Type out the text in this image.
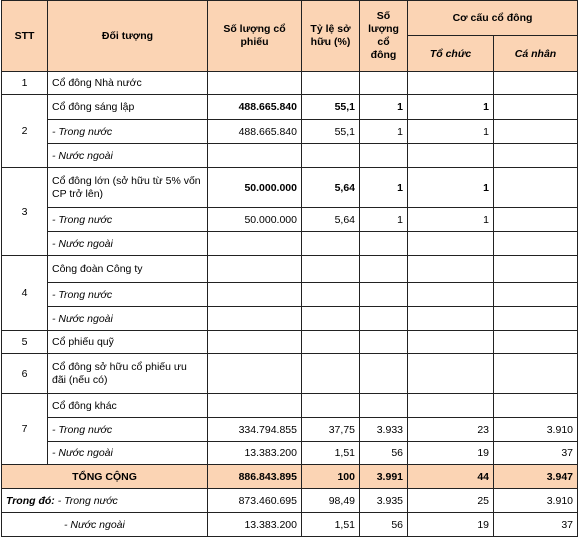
STT	Đối tượng	Số lượng cổ phiếu	Tỷ lệ sở hữu (%)	Số lượng cổ đông	Cơ cấu cổ đông	
					Tổ chức	Cá nhân
1	Cổ đông Nhà nước					
2	Cổ đông sáng lập	488.665.840	55,1	1	1	
	- Trong nước	488.665.840	55,1	1	1	
	- Nước ngoài					
3	Cổ đông lớn (sở hữu từ 5% vốn CP trở lên)	50.000.000	5,64	1	1	
	- Trong nước	50.000.000	5,64	1	1	
	- Nước ngoài					
4	Công đoàn Công ty					
	- Trong nước					
	- Nước ngoài					
5	Cổ phiếu quỹ					
6	Cổ đông sở hữu cổ phiếu ưu đãi (nếu có)					
7	Cổ đông khác					
	- Trong nước	334.794.855	37,75	3.933	23	3.910
	- Nước ngoài	13.383.200	1,51	56	19	37
TỔNG CỘNG		886.843.895	100	3.991	44	3.947
Trong đó: - Trong nước		873.460.695	98,49	3.935	25	3.910
- Nước ngoài		13.383.200	1,51	56	19	37
